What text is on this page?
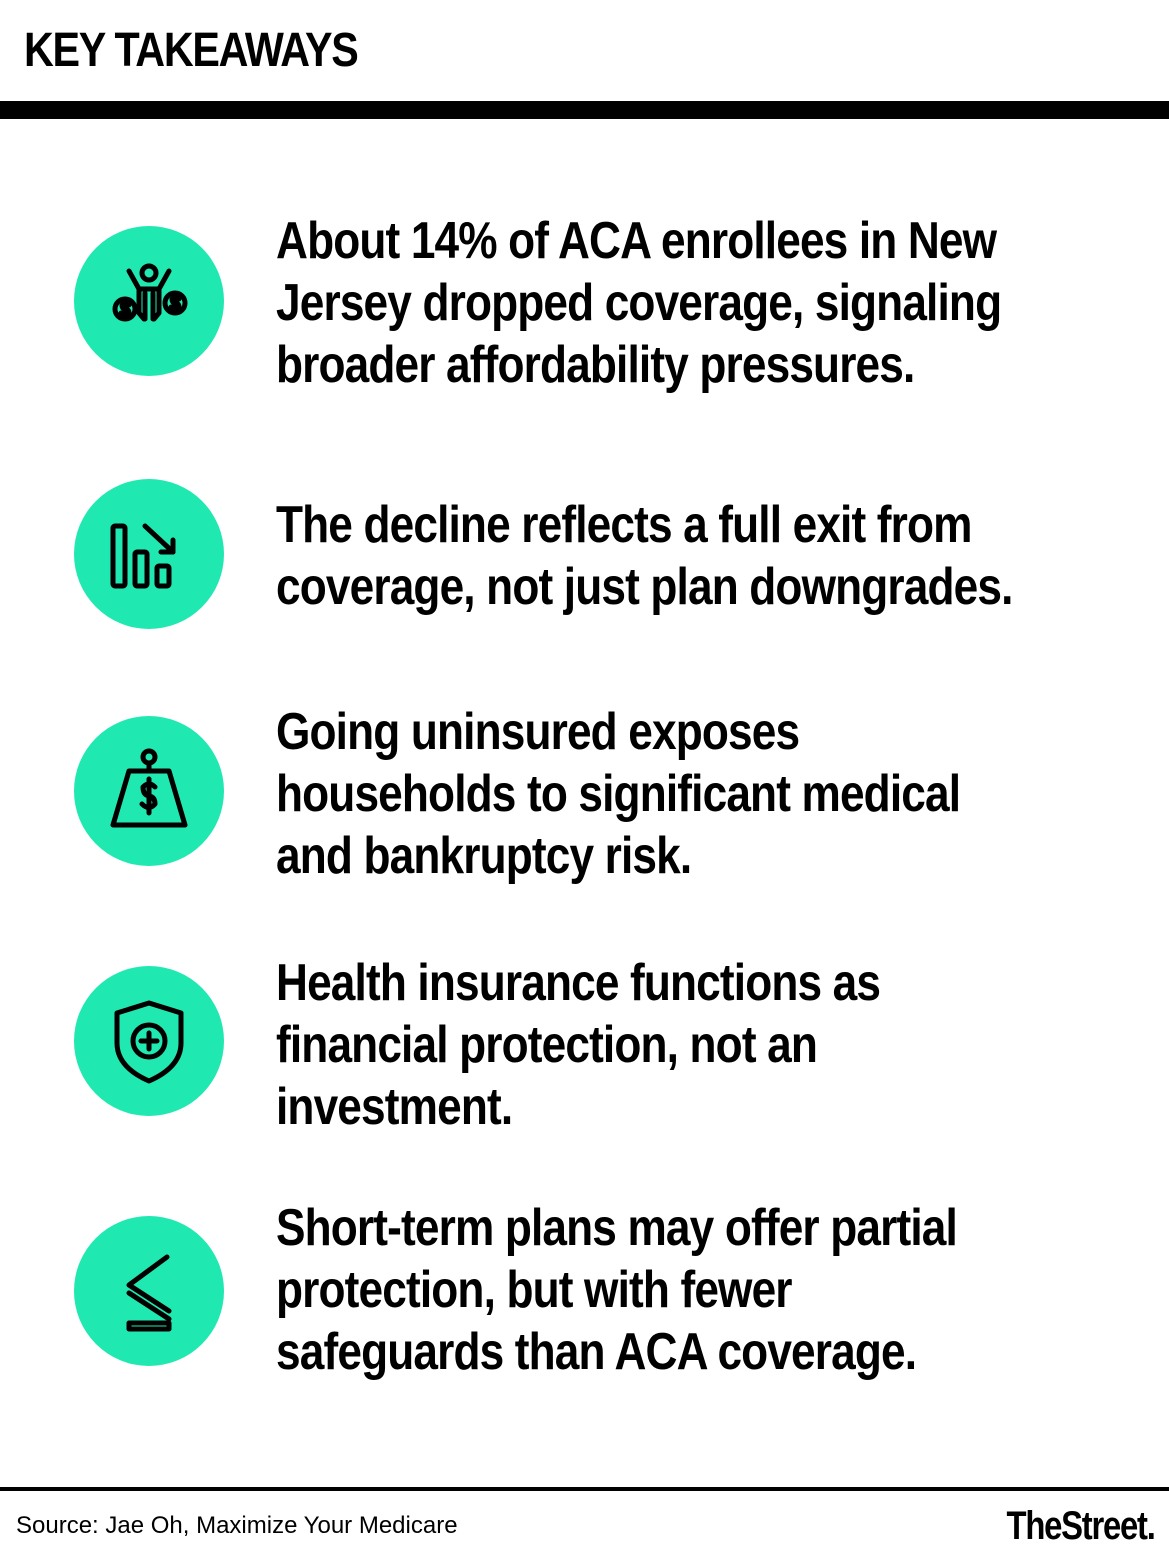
KEY TAKEAWAYS
About 14% of ACA enrollees in New
Jersey dropped coverage, signaling
broader affordability pressures.
The decline reflects a full exit from
coverage, not just plan downgrades.
Going uninsured exposes
households to significant medical
and bankruptcy risk.
Health insurance functions as
financial protection, not an
investment.
Short-term plans may offer partial
protection, but with fewer
safeguards than ACA coverage.
Source: Jae Oh, Maximize Your Medicare	TheStreet.
